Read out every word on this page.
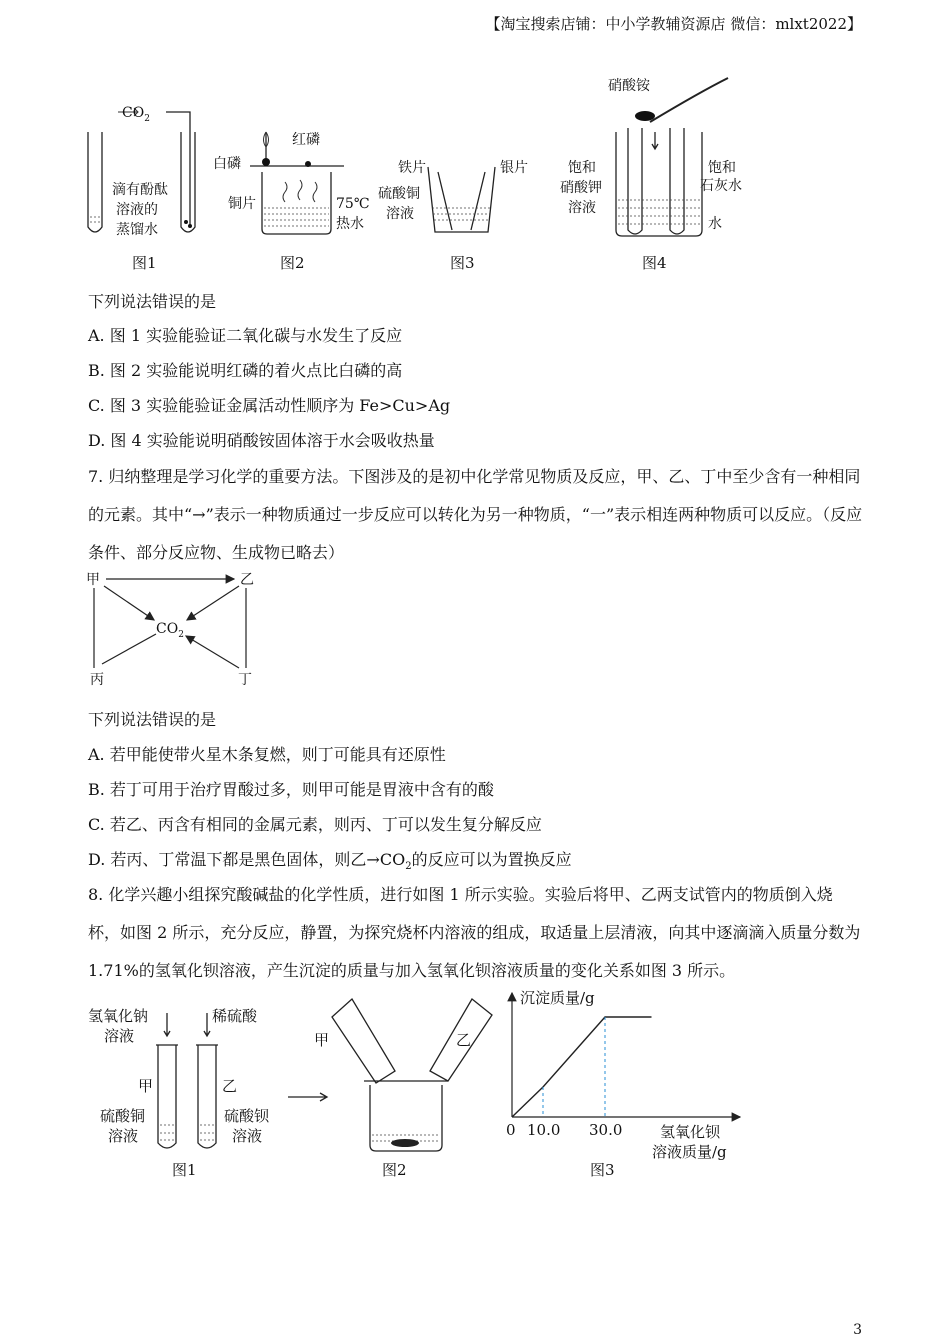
【淘宝搜索店铺：中小学教辅资源店 微信：mlxt2022】
$CO_2$
滴有酚酞
溶液的
蒸馏水
图1
白磷
红磷
铜片	75℃
热水
图2
铁片	银片
硫酸铜
溶液
图3
硝酸铵
饱和
硝酸钾
溶液
饱和
石灰水
水
图4
下列说法错误的是
A. 图 1 实验能验证二氧化碳与水发生了反应
B. 图 2 实验能说明红磷的着火点比白磷的高
C. 图 3 实验能验证金属活动性顺序为 Fe>Cu>Ag
D. 图 4 实验能说明硝酸铵固体溶于水会吸收热量
7. 归纳整理是学习化学的重要方法。下图涉及的是初中化学常见物质及反应，甲、乙、丁中至少含有一种相同的元素。其中“→”表示一种物质通过一步反应可以转化为另一种物质，“一”表示相连两种物质可以反应。（反应条件、部分反应物、生成物已略去）
甲	乙
$CO_2$
丙	丁
下列说法错误的是
A. 若甲能使带火星木条复燃，则丁可能具有还原性
B. 若丁可用于治疗胃酸过多，则甲可能是胃液中含有的酸
C. 若乙、丙含有相同的金属元素，则丙、丁可以发生复分解反应
D. 若丙、丁常温下都是黑色固体，则乙$\to CO_2$的反应可以为置换反应
8. 化学兴趣小组探究酸碱盐的化学性质，进行如图 1 所示实验。实验后将甲、乙两支试管内的物质倒入烧杯，如图 2 所示，充分反应，静置，为探究烧杯内溶液的组成，取适量上层清液，向其中逐滴滴入质量分数为 1.71%的氢氧化钡溶液，产生沉淀的质量与加入氢氧化钡溶液质量的变化关系如图 3 所示。
氢氧化钠
溶液
稀硫酸
甲	乙
硫酸铜
溶液
硫酸钡
溶液
图1
甲	乙
图2
沉淀质量/g
0 10.0 30.0	氢氧化钡
溶液质量/g
图3
3
